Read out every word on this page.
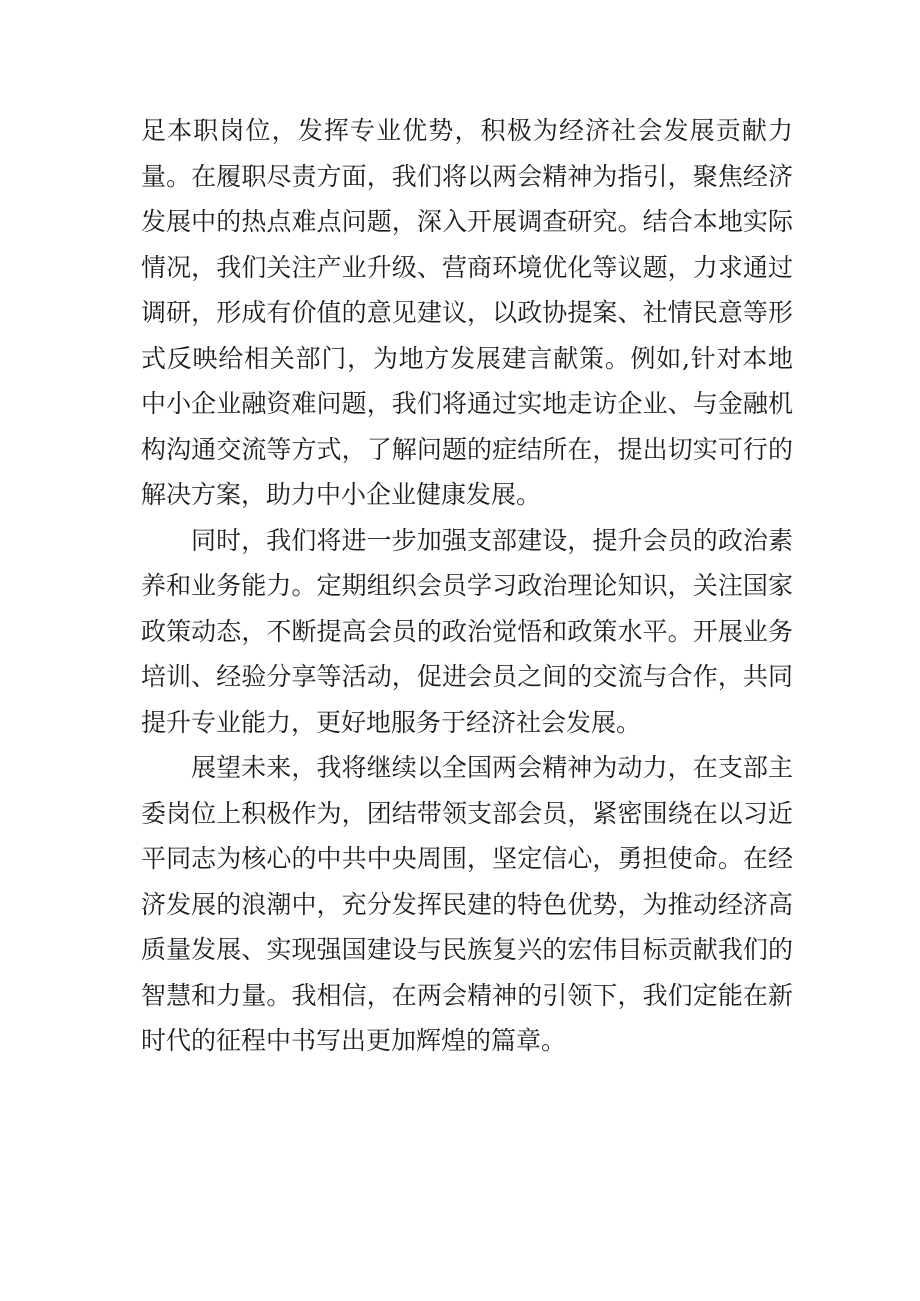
足本职岗位，发挥专业优势，积极为经济社会发展贡献力量。在履职尽责方面，我们将以两会精神为指引，聚焦经济发展中的热点难点问题，深入开展调查研究。结合本地实际情况，我们关注产业升级、营商环境优化等议题，力求通过调研，形成有价值的意见建议，以政协提案、社情民意等形式反映给相关部门，为地方发展建言献策。例如,针对本地中小企业融资难问题，我们将通过实地走访企业、与金融机构沟通交流等方式，了解问题的症结所在，提出切实可行的解决方案，助力中小企业健康发展。

同时，我们将进一步加强支部建设，提升会员的政治素养和业务能力。定期组织会员学习政治理论知识，关注国家政策动态，不断提高会员的政治觉悟和政策水平。开展业务培训、经验分享等活动，促进会员之间的交流与合作，共同提升专业能力，更好地服务于经济社会发展。

展望未来，我将继续以全国两会精神为动力，在支部主委岗位上积极作为，团结带领支部会员，紧密围绕在以习近平同志为核心的中共中央周围，坚定信心，勇担使命。在经济发展的浪潮中，充分发挥民建的特色优势，为推动经济高质量发展、实现强国建设与民族复兴的宏伟目标贡献我们的智慧和力量。我相信，在两会精神的引领下，我们定能在新时代的征程中书写出更加辉煌的篇章。
